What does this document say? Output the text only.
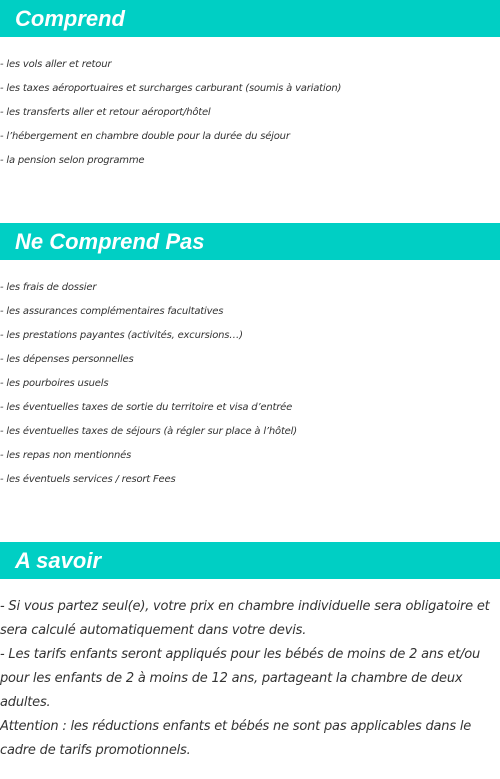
Comprend
- les vols aller et retour
- les taxes aéroportuaires et surcharges carburant (soumis à variation)
- les transferts aller et retour aéroport/hôtel
- l’hébergement en chambre double pour la durée du séjour
- la pension selon programme
Ne Comprend Pas
- les frais de dossier
- les assurances complémentaires facultatives
- les prestations payantes (activités, excursions…)
- les dépenses personnelles
- les pourboires usuels
- les éventuelles taxes de sortie du territoire et visa d’entrée
- les éventuelles taxes de séjours (à régler sur place à l’hôtel)
- les repas non mentionnés
- les éventuels services / resort Fees
A savoir

- Si vous partez seul(e), votre prix en chambre individuelle sera obligatoire et sera calculé automatiquement dans votre devis.

- Les tarifs enfants seront appliqués pour les bébés de moins de 2 ans et/ou pour les enfants de 2 à moins de 12 ans, partageant la chambre de deux adultes.

Attention : les réductions enfants et bébés ne sont pas applicables dans le cadre de tarifs promotionnels.
